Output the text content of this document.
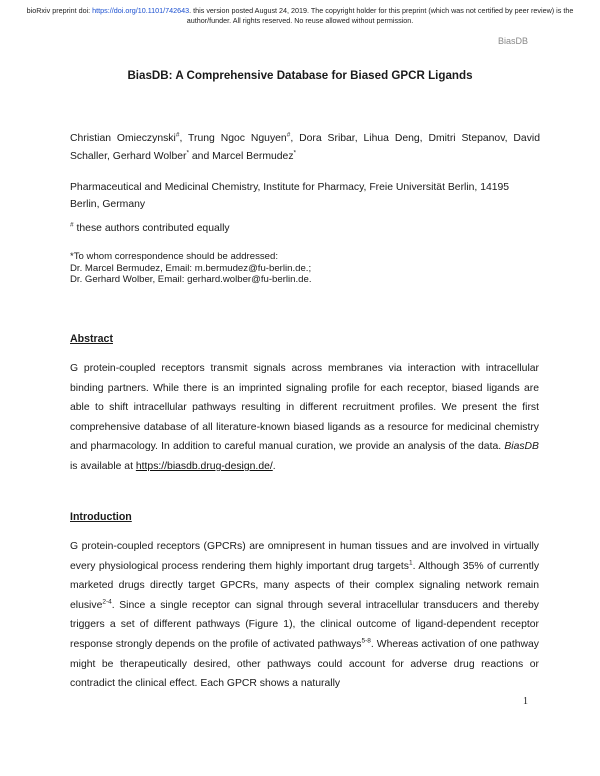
bioRxiv preprint doi: https://doi.org/10.1101/742643. this version posted August 24, 2019. The copyright holder for this preprint (which was not certified by peer review) is the author/funder. All rights reserved. No reuse allowed without permission.
BiasDB
BiasDB: A Comprehensive Database for Biased GPCR Ligands
Christian Omieczynski#, Trung Ngoc Nguyen#, Dora Sribar, Lihua Deng, Dmitri Stepanov, David Schaller, Gerhard Wolber* and Marcel Bermudez*
Pharmaceutical and Medicinal Chemistry, Institute for Pharmacy, Freie Universität Berlin, 14195 Berlin, Germany
# these authors contributed equally
*To whom correspondence should be addressed:
Dr. Marcel Bermudez, Email: m.bermudez@fu-berlin.de.;
Dr. Gerhard Wolber, Email: gerhard.wolber@fu-berlin.de.
Abstract
G protein-coupled receptors transmit signals across membranes via interaction with intracellular binding partners. While there is an imprinted signaling profile for each receptor, biased ligands are able to shift intracellular pathways resulting in different recruitment profiles. We present the first comprehensive database of all literature-known biased ligands as a resource for medicinal chemistry and pharmacology. In addition to careful manual curation, we provide an analysis of the data. BiasDB is available at https://biasdb.drug-design.de/.
Introduction
G protein-coupled receptors (GPCRs) are omnipresent in human tissues and are involved in virtually every physiological process rendering them highly important drug targets$^1$. Although 35% of currently marketed drugs directly target GPCRs, many aspects of their complex signaling network remain elusive$^{2-4}$. Since a single receptor can signal through several intracellular transducers and thereby triggers a set of different pathways (Figure 1), the clinical outcome of ligand-dependent receptor response strongly depends on the profile of activated pathways$^{5-8}$. Whereas activation of one pathway might be therapeutically desired, other pathways could account for adverse drug reactions or contradict the clinical effect. Each GPCR shows a naturally
1
